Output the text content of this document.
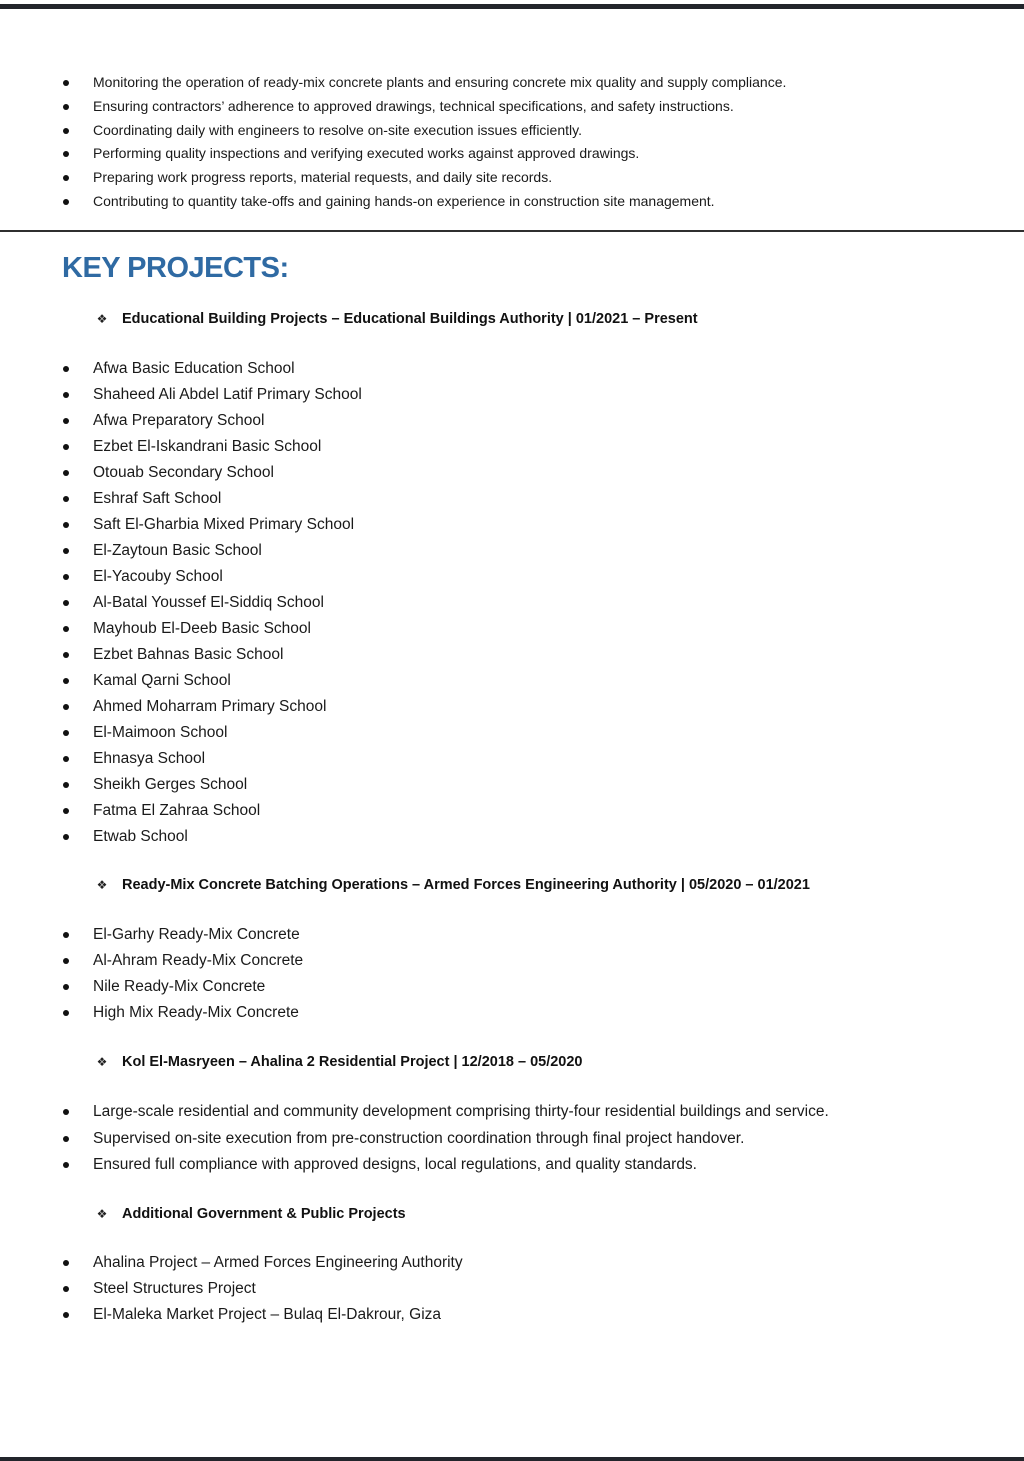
Monitoring the operation of ready-mix concrete plants and ensuring concrete mix quality and supply compliance.
Ensuring contractors’ adherence to approved drawings, technical specifications, and safety instructions.
Coordinating daily with engineers to resolve on-site execution issues efficiently.
Performing quality inspections and verifying executed works against approved drawings.
Preparing work progress reports, material requests, and daily site records.
Contributing to quantity take-offs and gaining hands-on experience in construction site management.
KEY PROJECTS:
❖ Educational Building Projects – Educational Buildings Authority | 01/2021 – Present
Afwa Basic Education School
Shaheed Ali Abdel Latif Primary School
Afwa Preparatory School
Ezbet El-Iskandrani Basic School
Otouab Secondary School
Eshraf Saft School
Saft El-Gharbia Mixed Primary School
El-Zaytoun Basic School
El-Yacouby School
Al-Batal Youssef El-Siddiq School
Mayhoub El-Deeb Basic School
Ezbet Bahnas Basic School
Kamal Qarni School
Ahmed Moharram Primary School
El-Maimoon School
Ehnasya School
Sheikh Gerges School
Fatma El Zahraa School
Etwab School
❖ Ready-Mix Concrete Batching Operations – Armed Forces Engineering Authority | 05/2020 – 01/2021
El-Garhy Ready-Mix Concrete
Al-Ahram Ready-Mix Concrete
Nile Ready-Mix Concrete
High Mix Ready-Mix Concrete
❖ Kol El-Masryeen – Ahalina 2 Residential Project | 12/2018 – 05/2020
Large-scale residential and community development comprising thirty-four residential buildings and service.
Supervised on-site execution from pre-construction coordination through final project handover.
Ensured full compliance with approved designs, local regulations, and quality standards.
❖ Additional Government & Public Projects
Ahalina Project – Armed Forces Engineering Authority
Steel Structures Project
El-Maleka Market Project – Bulaq El-Dakrour, Giza
